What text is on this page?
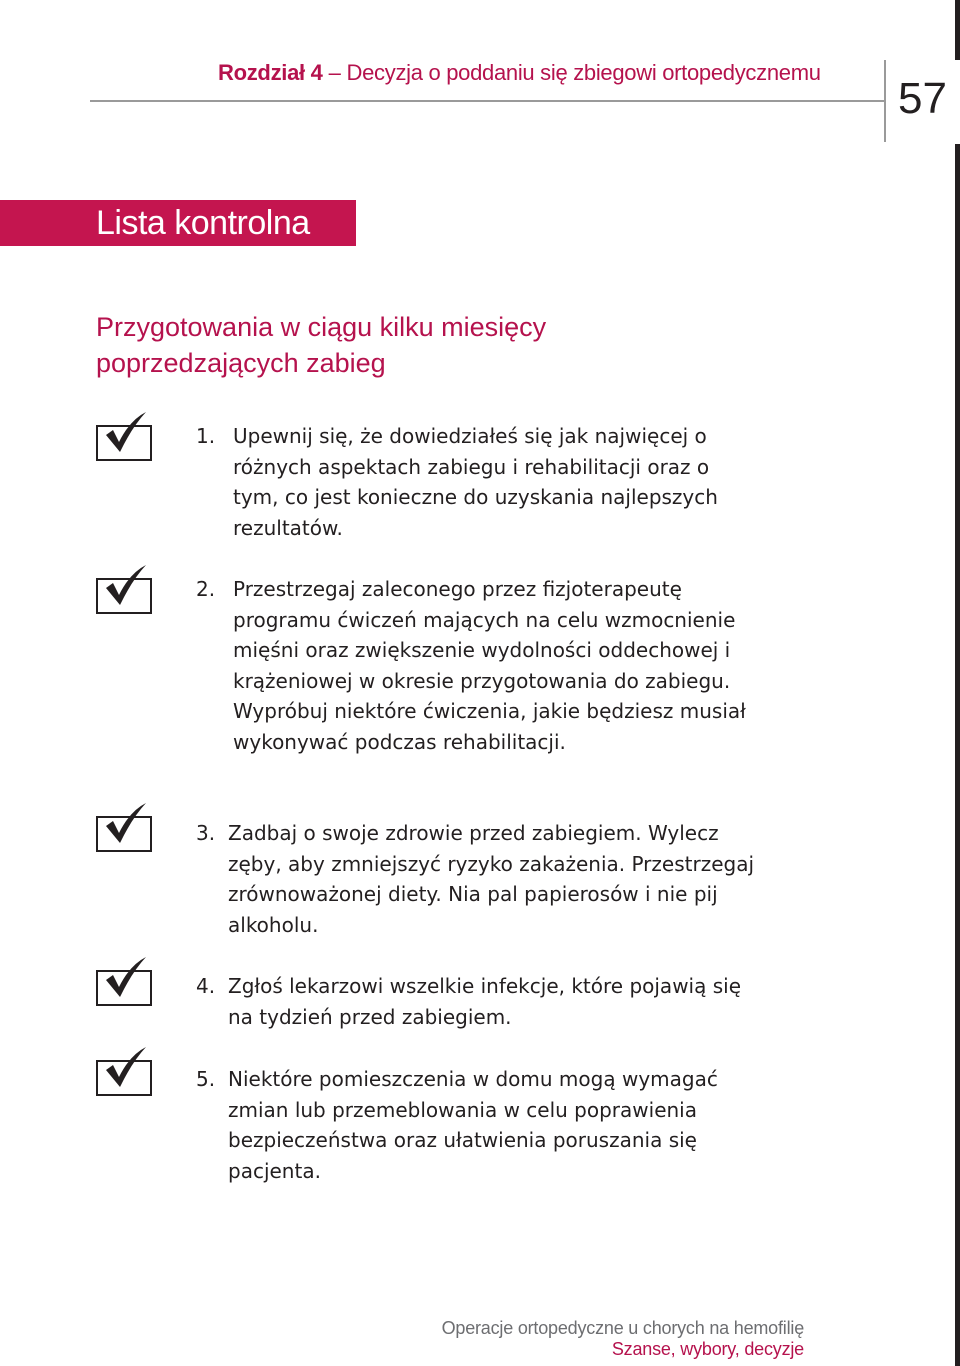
Rozdział 4 – Decyzja o poddaniu się zbiegowi ortopedycznemu
57
Lista kontrolna
Przygotowania w ciągu kilku miesięcy poprzedzających zabieg
1. Upewnij się, że dowiedziałeś się jak najwięcej o różnych aspektach zabiegu i rehabilitacji oraz o tym, co jest konieczne do uzyskania najlepszych rezultatów.
2. Przestrzegaj zaleconego przez fizjoterapeutę programu ćwiczeń mających na celu wzmocnienie mięśni oraz zwiększenie wydolności oddechowej i krążeniowej w okresie przygotowania do zabiegu. Wypróbuj niektóre ćwiczenia, jakie będziesz musiał wykonywać podczas rehabilitacji.
3. Zadbaj o swoje zdrowie przed zabiegiem. Wylecz zęby, aby zmniejszyć ryzyko zakażenia. Przestrzegaj zrównoważonej diety. Nia pal papierosów i nie pij alkoholu.
4. Zgłoś lekarzowi wszelkie infekcje, które pojawią się na tydzień przed zabiegiem.
5. Niektóre pomieszczenia w domu mogą wymagać zmian lub przemeblowania w celu poprawienia bezpieczeństwa oraz ułatwienia poruszania się pacjenta.
Operacje ortopedyczne u chorych na hemofilię
Szanse, wybory, decyzje
